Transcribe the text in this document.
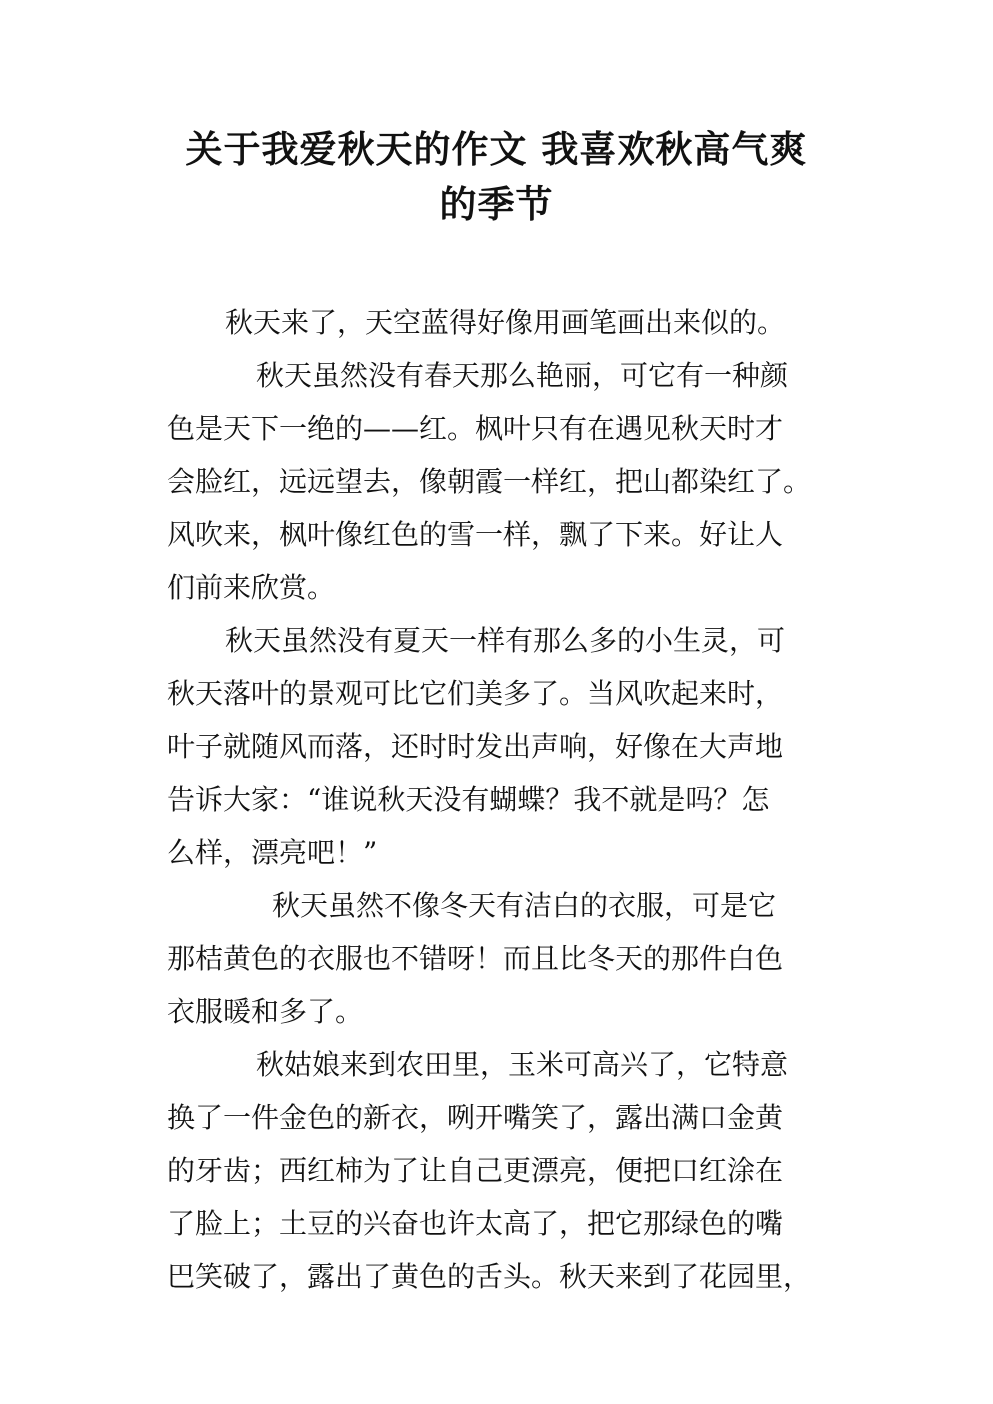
关于我爱秋天的作文 我喜欢秋高气爽
的季节
秋天来了，天空蓝得好像用画笔画出来似的。
秋天虽然没有春天那么艳丽，可它有一种颜
色是天下一绝的——红。枫叶只有在遇见秋天时才
会脸红，远远望去，像朝霞一样红，把山都染红了。
风吹来，枫叶像红色的雪一样，飘了下来。好让人
们前来欣赏。
秋天虽然没有夏天一样有那么多的小生灵，可
秋天落叶的景观可比它们美多了。当风吹起来时，
叶子就随风而落，还时时发出声响，好像在大声地
告诉大家：“谁说秋天没有蝴蝶？我不就是吗？怎
么样，漂亮吧！”
秋天虽然不像冬天有洁白的衣服，可是它
那桔黄色的衣服也不错呀！而且比冬天的那件白色
衣服暖和多了。
秋姑娘来到农田里，玉米可高兴了，它特意
换了一件金色的新衣，咧开嘴笑了，露出满口金黄
的牙齿；西红柿为了让自己更漂亮，便把口红涂在
了脸上；土豆的兴奋也许太高了，把它那绿色的嘴
巴笑破了，露出了黄色的舌头。秋天来到了花园里，
